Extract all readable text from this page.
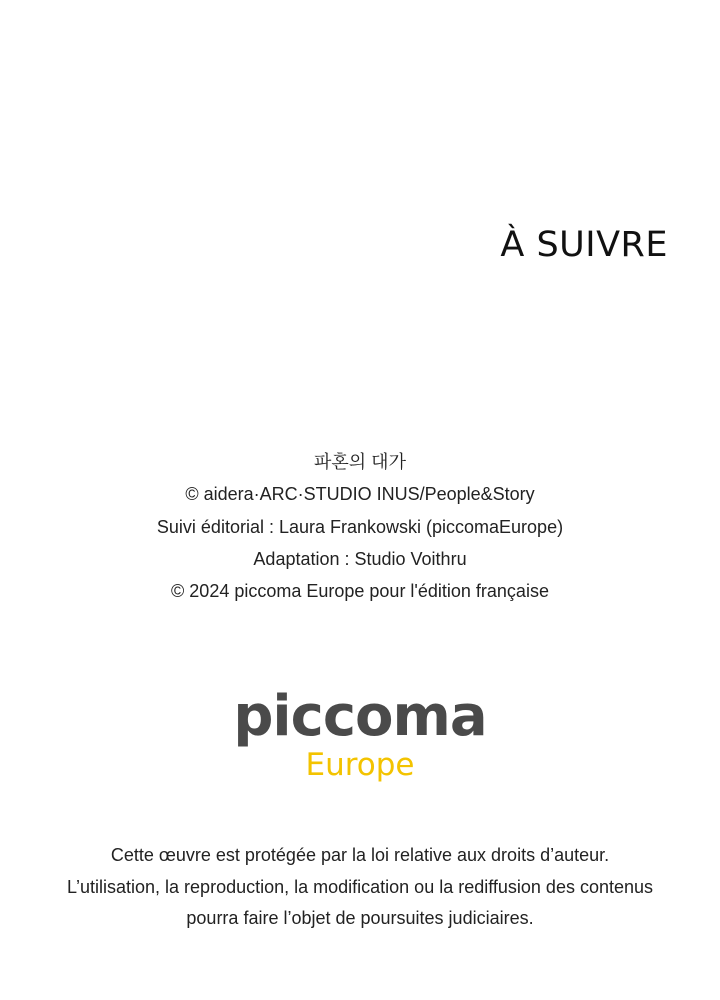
À SUIVRE
파혼의 대가
© aidera·ARC·STUDIO INUS/People&Story
Suivi éditorial : Laura Frankowski (piccomaEurope)
Adaptation : Studio Voithru
© 2024 piccoma Europe pour l'édition française
piccoma
Europe
Cette œuvre est protégée par la loi relative aux droits d’auteur.
L’utilisation, la reproduction, la modification ou la rediffusion des contenus
pourra faire l’objet de poursuites judiciaires.
